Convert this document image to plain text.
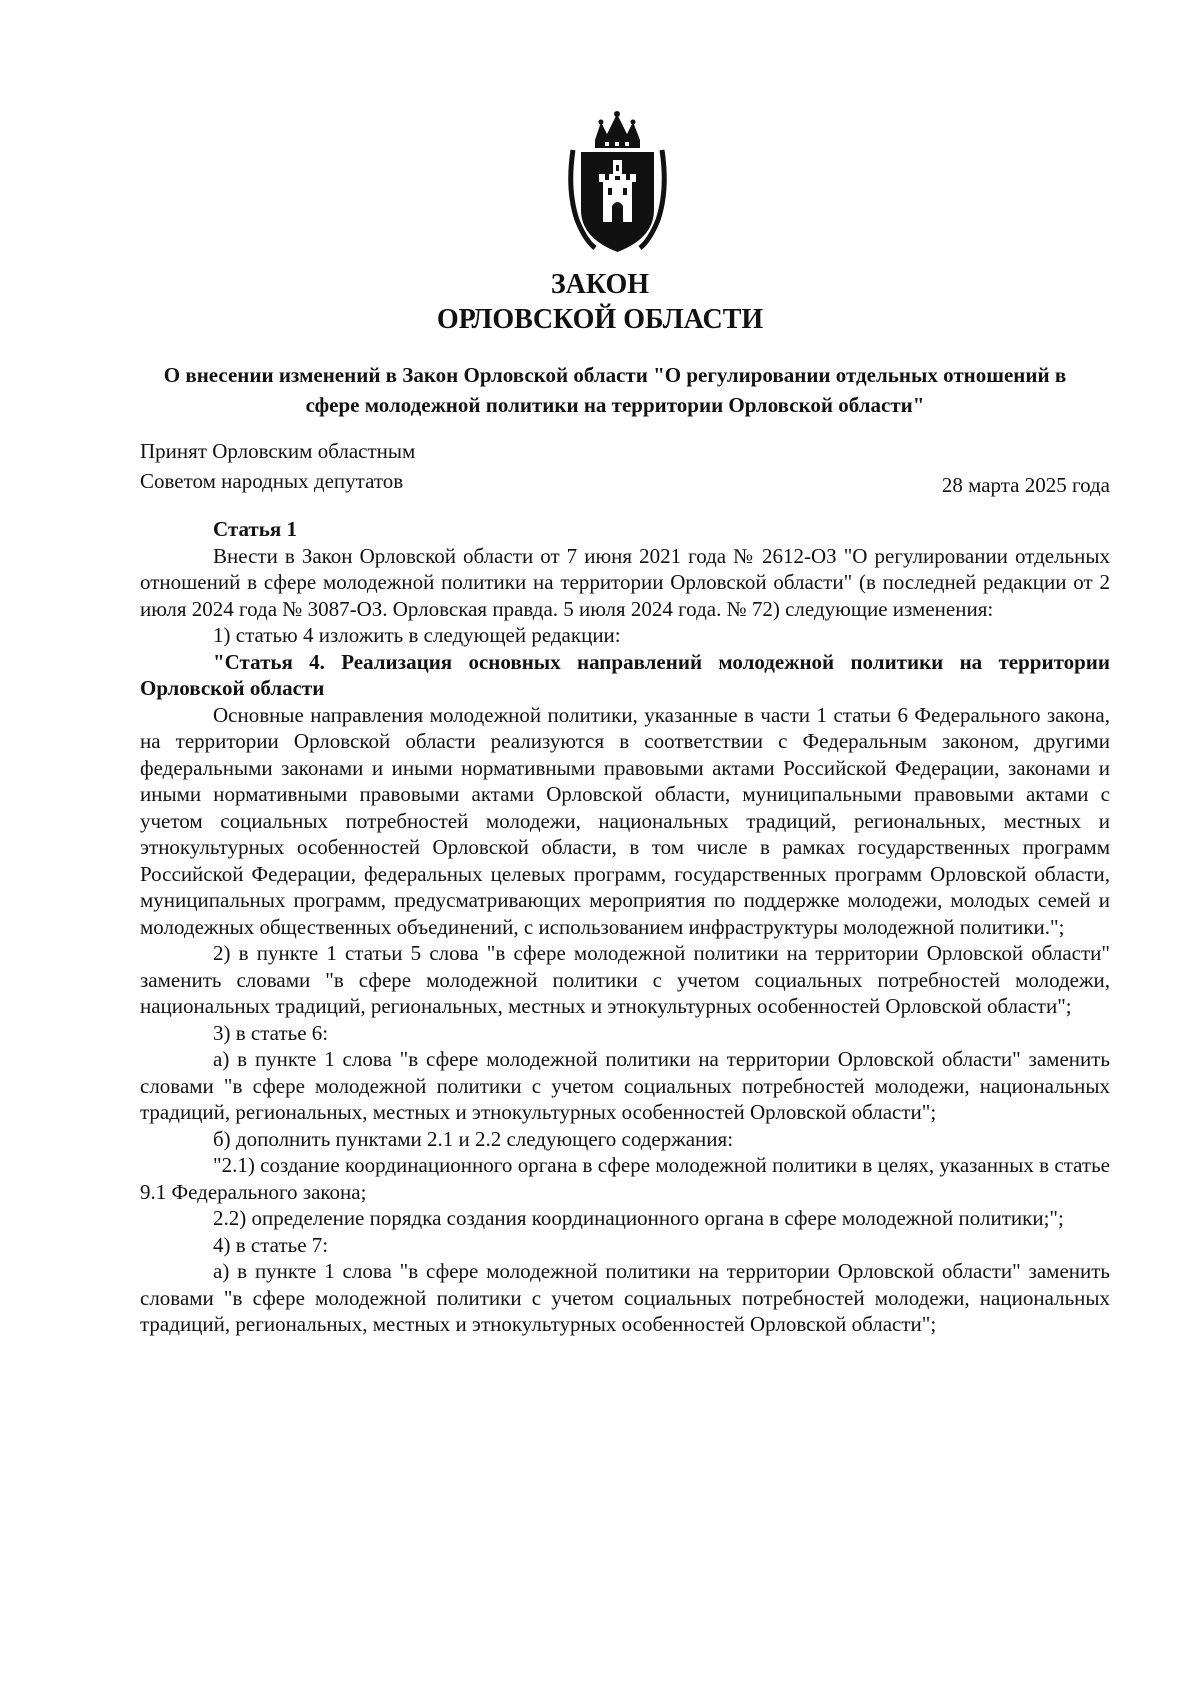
ЗАКОН
ОРЛОВСКОЙ ОБЛАСТИ

О внесении изменений в Закон Орловской области "О регулировании отдельных отношений в сфере молодежной политики на территории Орловской области"

Принят Орловским областным
Советом народных депутатов	28 марта 2025 года

Статья 1

Внести в Закон Орловской области от 7 июня 2021 года № 2612-ОЗ "О регулировании отдельных отношений в сфере молодежной политики на территории Орловской области" (в последней редакции от 2 июля 2024 года № 3087-ОЗ. Орловская правда. 5 июля 2024 года. № 72) следующие изменения:

1) статью 4 изложить в следующей редакции:

"Статья 4. Реализация основных направлений молодежной политики на территории Орловской области

Основные направления молодежной политики, указанные в части 1 статьи 6 Федерального закона, на территории Орловской области реализуются в соответствии с Федеральным законом, другими федеральными законами и иными нормативными правовыми актами Российской Федерации, законами и иными нормативными правовыми актами Орловской области, муниципальными правовыми актами с учетом социальных потребностей молодежи, национальных традиций, региональных, местных и этнокультурных особенностей Орловской области, в том числе в рамках государственных программ Российской Федерации, федеральных целевых программ, государственных программ Орловской области, муниципальных программ, предусматривающих мероприятия по поддержке молодежи, молодых семей и молодежных общественных объединений, с использованием инфраструктуры молодежной политики.";

2) в пункте 1 статьи 5 слова "в сфере молодежной политики на территории Орловской области" заменить словами "в сфере молодежной политики с учетом социальных потребностей молодежи, национальных традиций, региональных, местных и этнокультурных особенностей Орловской области";

3) в статье 6:

а) в пункте 1 слова "в сфере молодежной политики на территории Орловской области" заменить словами "в сфере молодежной политики с учетом социальных потребностей молодежи, национальных традиций, региональных, местных и этнокультурных особенностей Орловской области";

б) дополнить пунктами 2.1 и 2.2 следующего содержания:

"2.1) создание координационного органа в сфере молодежной политики в целях, указанных в статье 9.1 Федерального закона;

2.2) определение порядка создания координационного органа в сфере молодежной политики;";

4) в статье 7:

а) в пункте 1 слова "в сфере молодежной политики на территории Орловской области" заменить словами "в сфере молодежной политики с учетом социальных потребностей молодежи, национальных традиций, региональных, местных и этнокультурных особенностей Орловской области";
